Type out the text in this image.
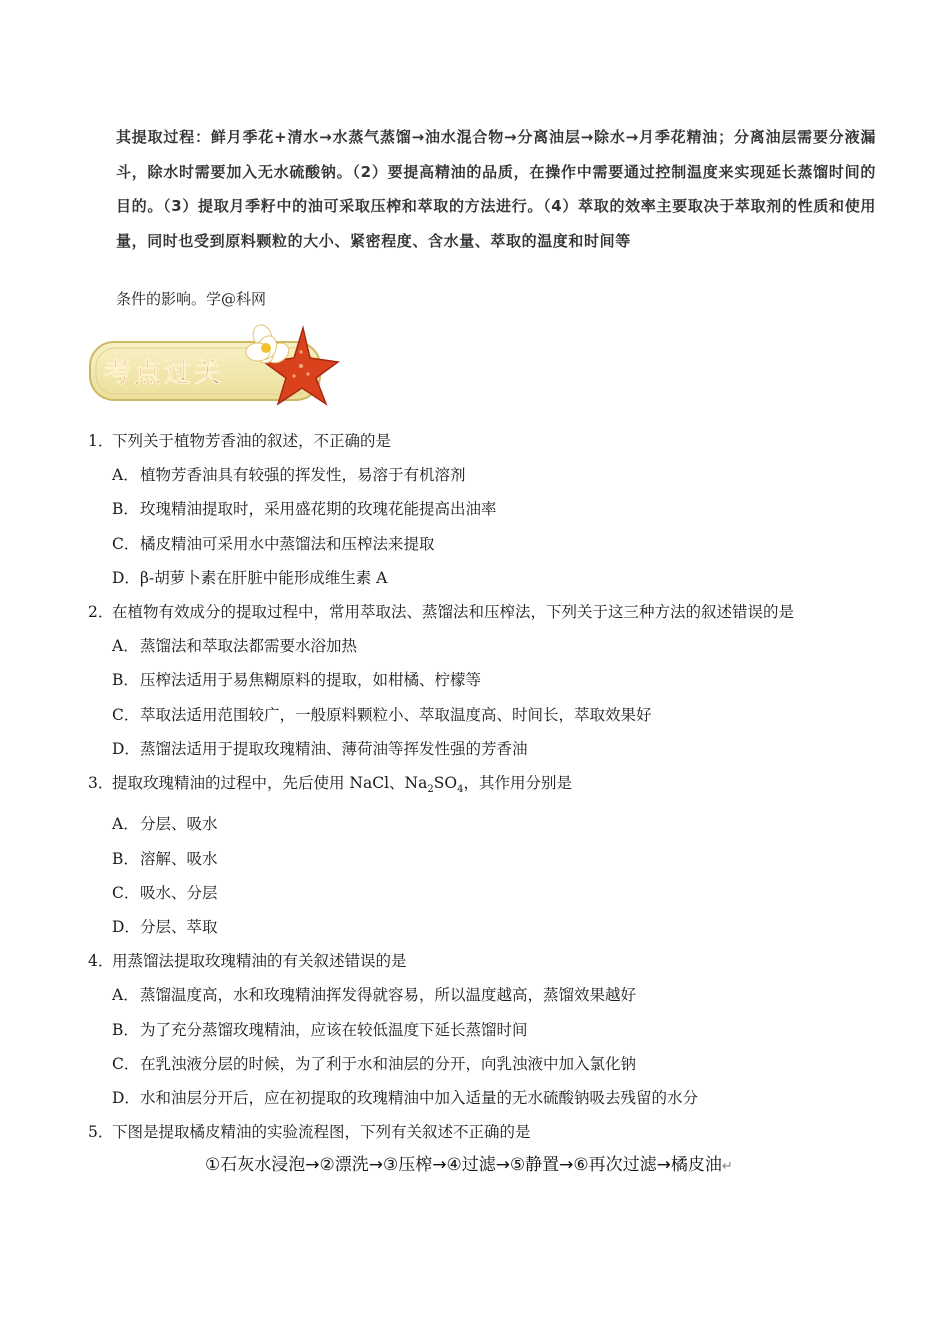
其提取过程：鲜月季花+清水→水蒸气蒸馏→油水混合物→分离油层→除水→月季花精油；分离油层需要分液漏斗，除水时需要加入无水硫酸钠。（2）要提高精油的品质，在操作中需要通过控制温度来实现延长蒸馏时间的目的。（3）提取月季籽中的油可采取压榨和萃取的方法进行。（4）萃取的效率主要取决于萃取剂的性质和使用量，同时也受到原料颗粒的大小、紧密程度、含水量、萃取的温度和时间等
条件的影响。学@科网
考点过关
1．下列关于植物芳香油的叙述，不正确的是
A．植物芳香油具有较强的挥发性，易溶于有机溶剂
B．玫瑰精油提取时，采用盛花期的玫瑰花能提高出油率
C．橘皮精油可采用水中蒸馏法和压榨法来提取
D．β-胡萝卜素在肝脏中能形成维生素 A
2．在植物有效成分的提取过程中，常用萃取法、蒸馏法和压榨法，下列关于这三种方法的叙述错误的是
A．蒸馏法和萃取法都需要水浴加热
B．压榨法适用于易焦糊原料的提取，如柑橘、柠檬等
C．萃取法适用范围较广，一般原料颗粒小、萃取温度高、时间长，萃取效果好
D．蒸馏法适用于提取玫瑰精油、薄荷油等挥发性强的芳香油
3．提取玫瑰精油的过程中，先后使用 NaCl、$Na_2SO_4$，其作用分别是
A．分层、吸水
B．溶解、吸水
C．吸水、分层
D．分层、萃取
4．用蒸馏法提取玫瑰精油的有关叙述错误的是
A．蒸馏温度高，水和玫瑰精油挥发得就容易，所以温度越高，蒸馏效果越好
B．为了充分蒸馏玫瑰精油，应该在较低温度下延长蒸馏时间
C．在乳浊液分层的时候，为了利于水和油层的分开，向乳浊液中加入氯化钠
D．水和油层分开后，应在初提取的玫瑰精油中加入适量的无水硫酸钠吸去残留的水分
5．下图是提取橘皮精油的实验流程图，下列有关叙述不正确的是
①石灰水浸泡→②漂洗→③压榨→④过滤→⑤静置→⑥再次过滤→橘皮油↵
